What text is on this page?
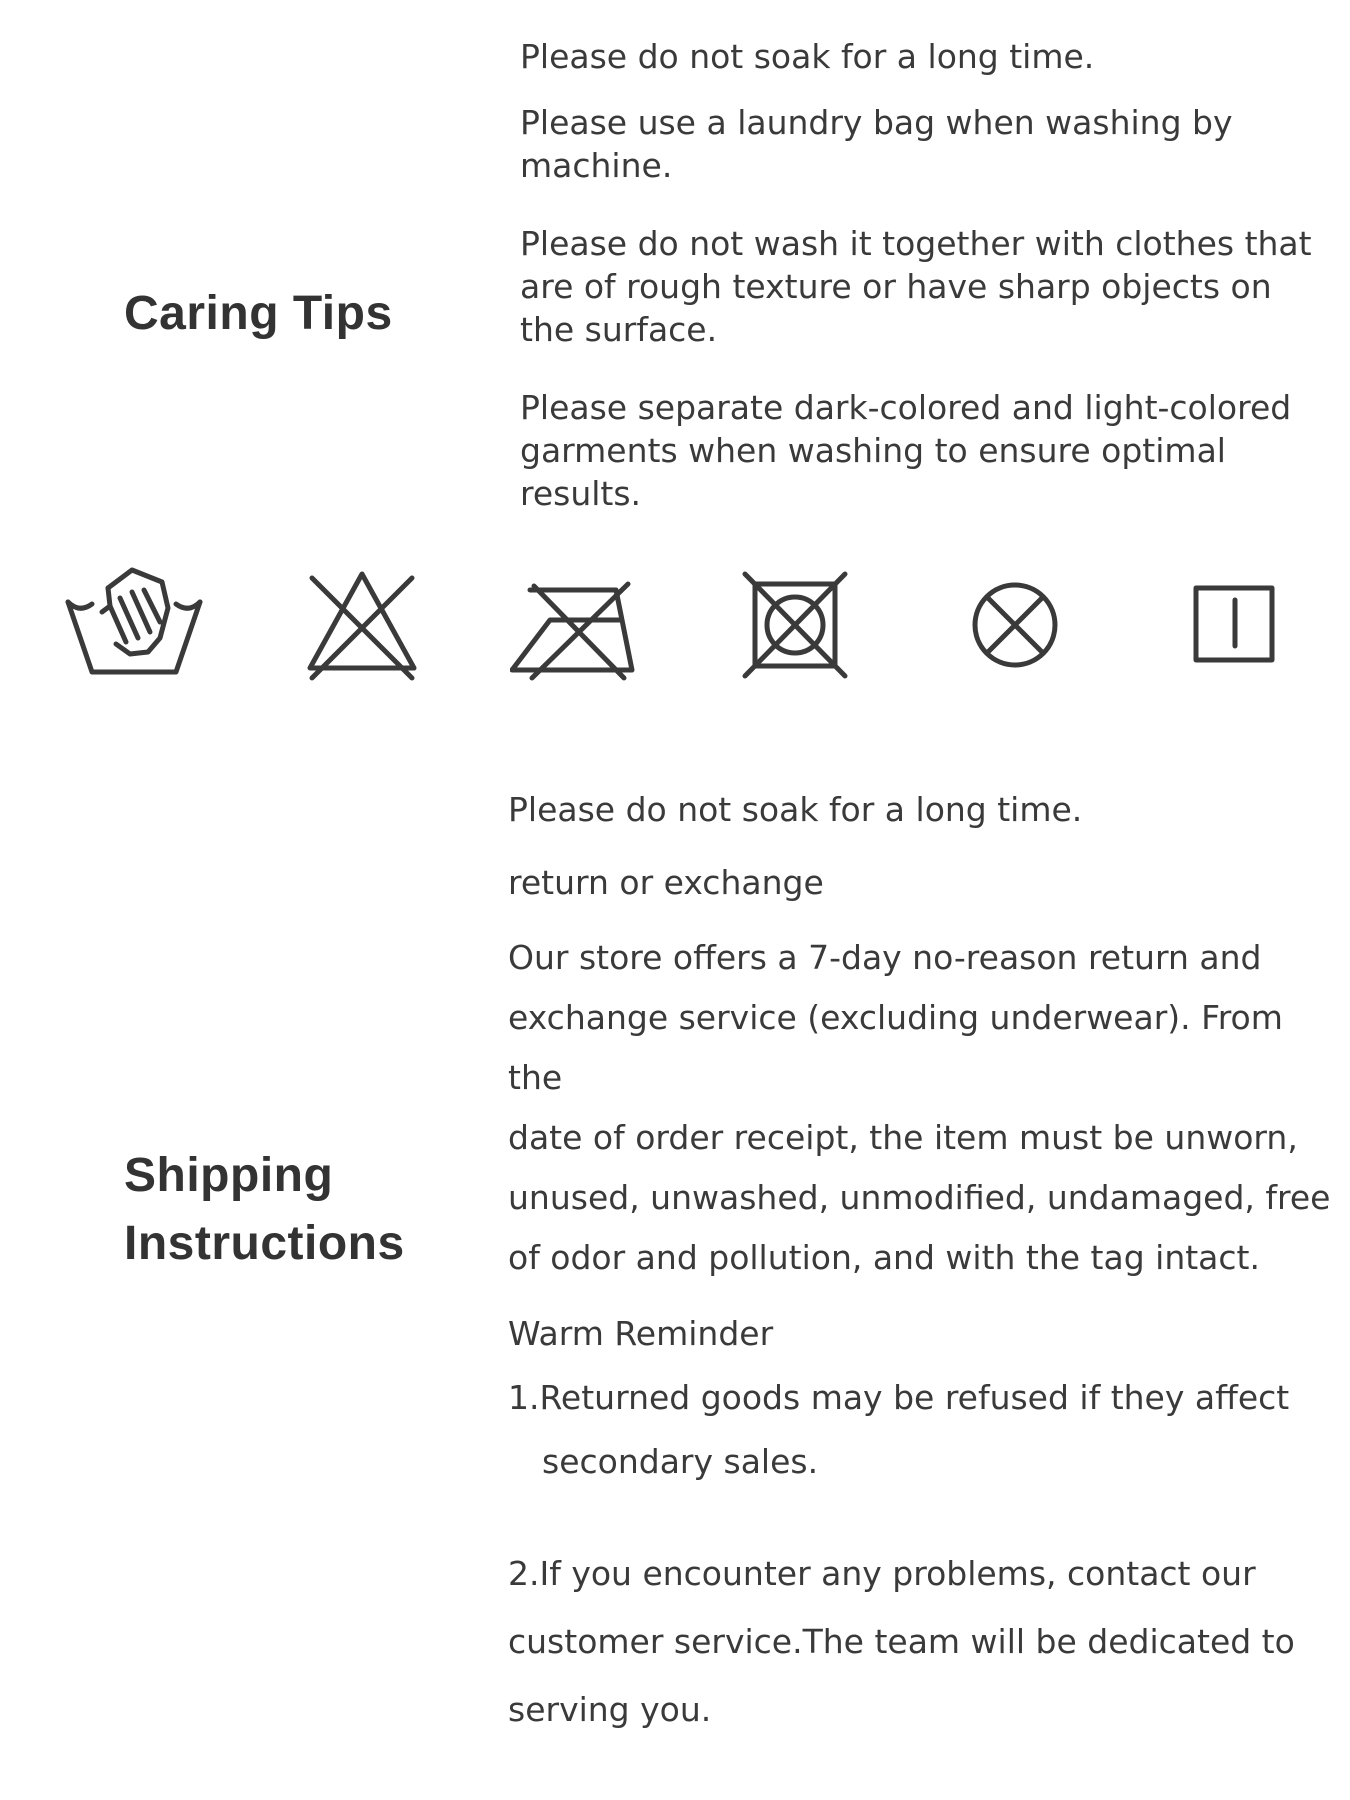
Caring Tips

Please do not soak for a long time.

Please use a laundry bag when washing by
machine.

Please do not wash it together with clothes that
are of rough texture or have sharp objects on
the surface.

Please separate dark-colored and light-colored
garments when washing to ensure optimal
results.

Shipping
Instructions

Please do not soak for a long time.

return or exchange

Our store offers a 7-day no-reason return and
exchange service (excluding underwear). From the
date of order receipt, the item must be unworn,
unused, unwashed, unmodified, undamaged, free
of odor and pollution, and with the tag intact.

Warm Reminder

1.Returned goods may be refused if they affect

secondary sales.

2.If you encounter any problems, contact our
customer service.The team will be dedicated to
serving you.
